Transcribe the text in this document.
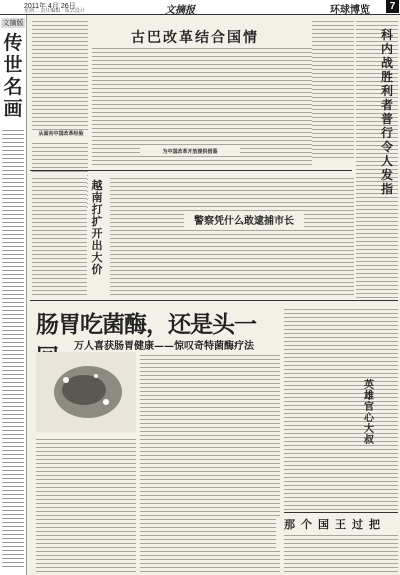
2011年 4月 26日
星期二 责任编辑 · 版式设计	文摘报	环球博览	7
文摘版
传
世
名
画
古巴改革结合国情
从面向中国改革经验
为中国改革开放提供借鉴
科
内
战
胜
利
者
普
行
令
人
发
指
越
南
打
扩
开
出
大
价
警察凭什么敢逮捕市长
肠胃吃菌酶，还是头一
万人喜获肠胃健康——惊叹奇特菌酶疗法
英
雄
官
心
大
叔
那个国王过把
